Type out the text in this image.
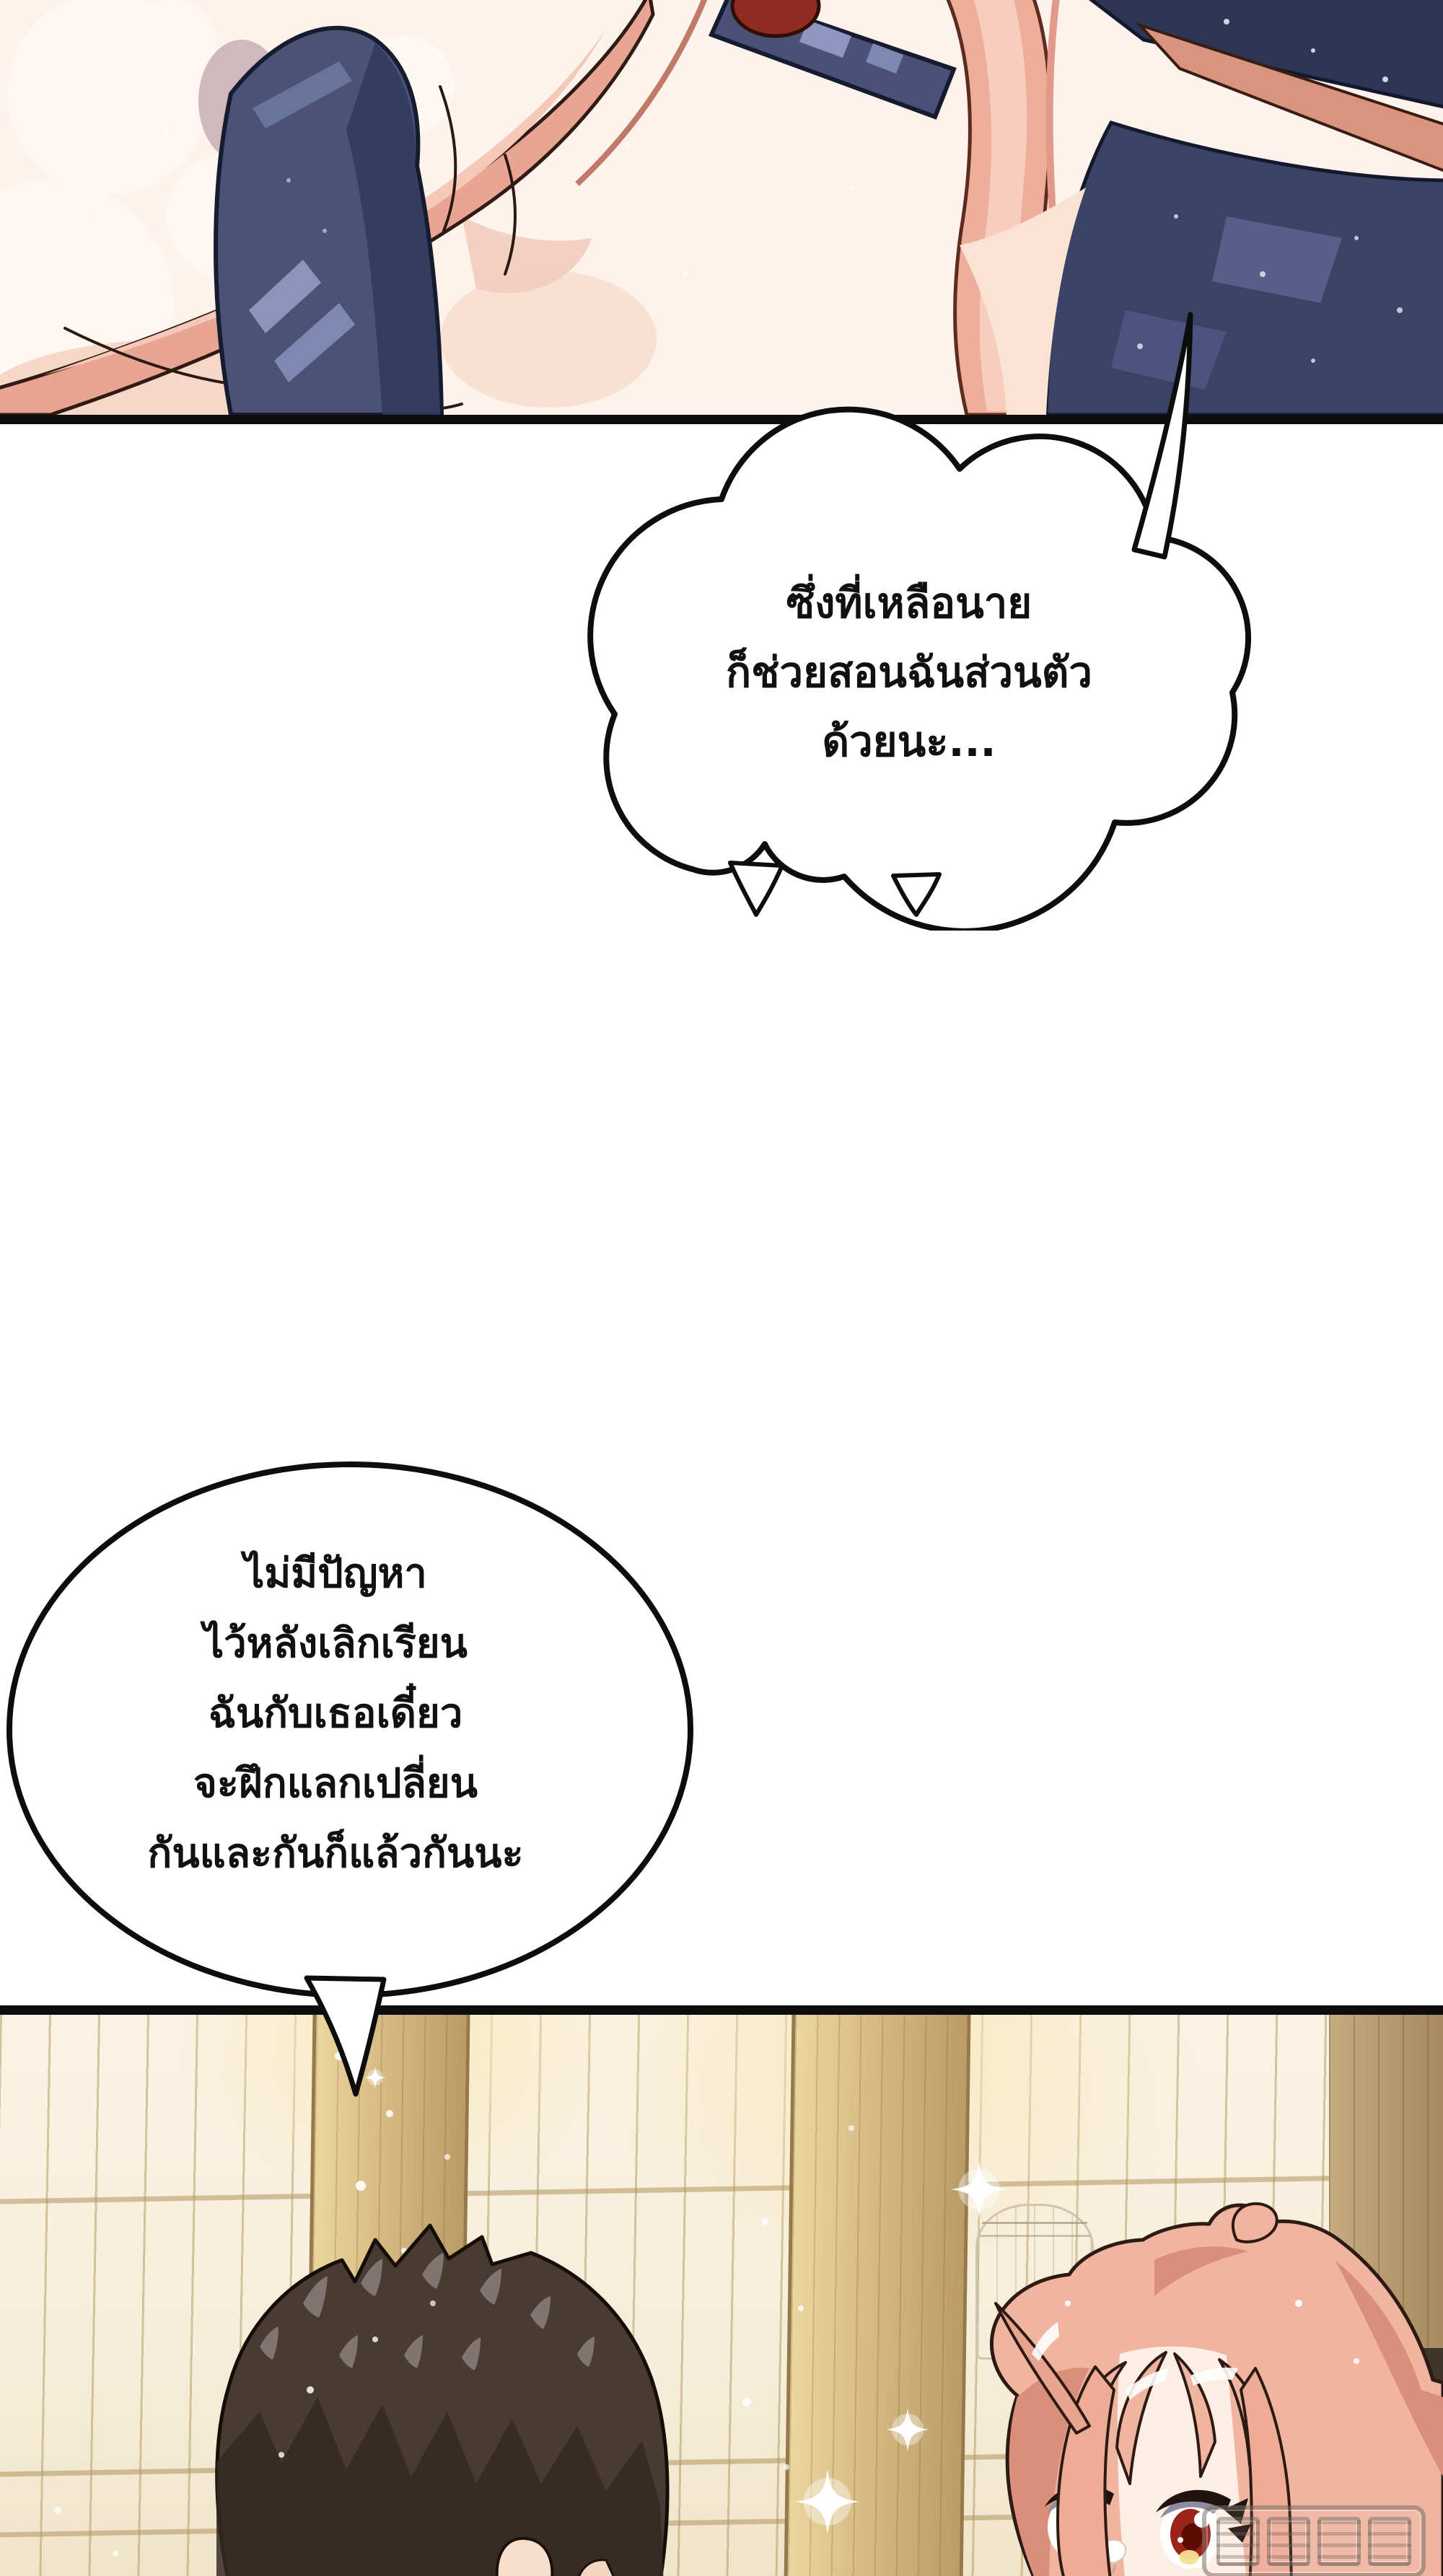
ซึ่งที่เหลือนาย
ก็ช่วยสอนฉันส่วนตัว
ด้วยนะ...
ไม่มีปัญหา
ไว้หลังเลิกเรียน
ฉันกับเธอเดี๋ยว
จะฝึกแลกเปลี่ยน
กันและกันก็แล้วกันนะ
